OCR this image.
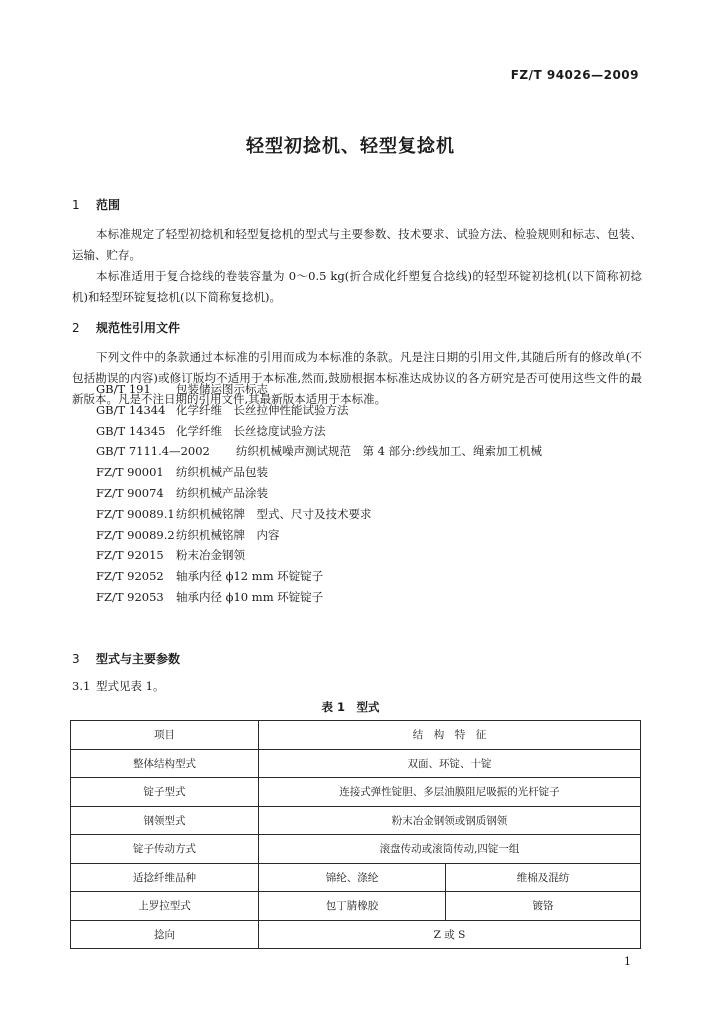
FZ/T 94026—2009
轻型初捻机、轻型复捻机
1 范围
本标准规定了轻型初捻机和轻型复捻机的型式与主要参数、技术要求、试验方法、检验规则和标志、包装、运输、贮存。
本标准适用于复合捻线的卷装容量为 0～0.5 kg(折合成化纤塑复合捻线)的轻型环锭初捻机(以下简称初捻机)和轻型环锭复捻机(以下简称复捻机)。
2 规范性引用文件
下列文件中的条款通过本标准的引用而成为本标准的条款。凡是注日期的引用文件,其随后所有的修改单(不包括勘误的内容)或修订版均不适用于本标准,然而,鼓励根据本标准达成协议的各方研究是否可使用这些文件的最新版本。凡是不注日期的引用文件,其最新版本适用于本标准。
GB/T 191 包装储运图示标志
GB/T 14344 化学纤维　长丝拉伸性能试验方法
GB/T 14345 化学纤维　长丝捻度试验方法
GB/T 7111.4—2002 纺织机械噪声测试规范　第 4 部分:纱线加工、绳索加工机械
FZ/T 90001 纺织机械产品包装
FZ/T 90074 纺织机械产品涂装
FZ/T 90089.1纺织机械铭牌　型式、尺寸及技术要求
FZ/T 90089.2纺织机械铭牌　内容
FZ/T 92015 粉末冶金钢领
FZ/T 92052 轴承内径 ϕ12 mm 环锭锭子
FZ/T 92053 轴承内径 ϕ10 mm 环锭锭子
3 型式与主要参数
3.1 型式见表 1。
表 1　型式
项目	结　构　特　征	
整体结构型式	双面、环锭、十锭	
锭子型式	连接式弹性锭胆、多层油膜阻尼吸振的光杆锭子	
钢领型式	粉末冶金钢领或钢质钢领	
锭子传动方式	滚盘传动或滚筒传动,四锭一组	
适捻纤维品种	锦纶、涤纶	维棉及混纺
上罗拉型式	包丁腈橡胶	镀铬
捻向	Z 或 S	
1
